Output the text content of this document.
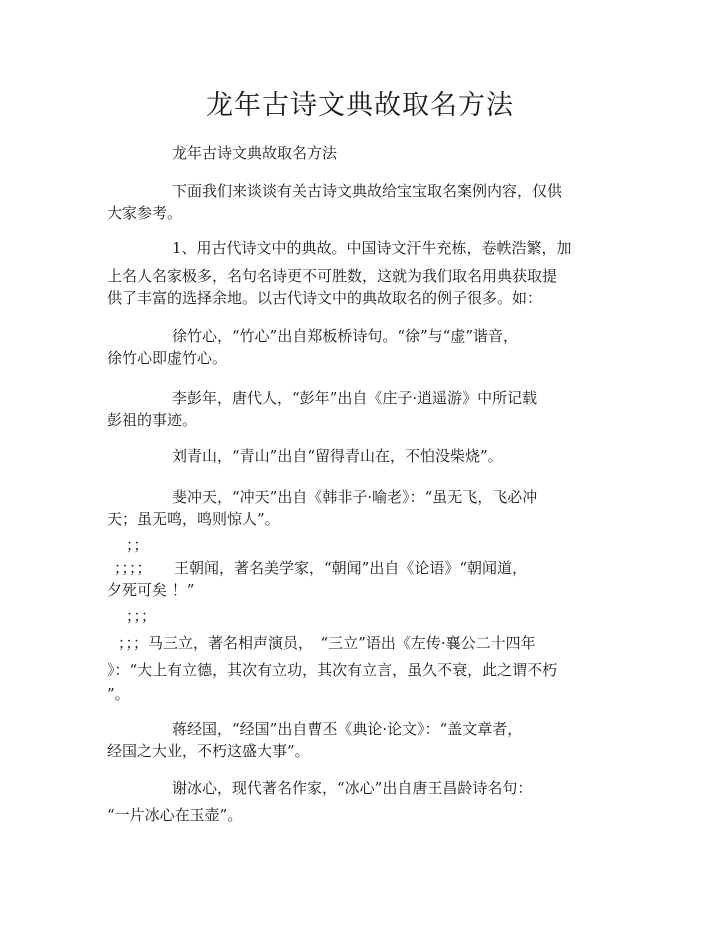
龙年古诗文典故取名方法
龙年古诗文典故取名方法
下面我们来谈谈有关古诗文典故给宝宝取名案例内容，仅供
大家参考。
1、用古代诗文中的典故。中国诗文汗牛充栋，卷帙浩繁，加
上名人名家极多，名句名诗更不可胜数，这就为我们取名用典获取提
供了丰富的选择余地。以古代诗文中的典故取名的例子很多。如：
徐竹心，“竹心”出自郑板桥诗句。“徐”与“虚”谐音，
徐竹心即虚竹心。
李彭年，唐代人，“彭年”出自《庄子·逍遥游》中所记载
彭祖的事迹。
刘青山，“青山”出自“留得青山在，不怕没柴烧”。
斐冲天，“冲天”出自《韩非子·喻老》：“虽无飞，飞必冲
天；虽无鸣，鸣则惊人”。
；；
；；；；　　王朝闻，著名美学家，“朝闻”出自《论语》“朝闻道，
夕死可矣 ！”
；；；
；；；马三立，著名相声演员，　“三立”语出《左传·襄公二十四年
》：“大上有立德，其次有立功，其次有立言，虽久不衰，此之谓不朽
”。
蒋经国，“经国”出自曹丕《典论·论文》：“盖文章者，
经国之大业，不朽这盛大事”。
谢冰心，现代著名作家，“冰心”出自唐王昌龄诗名句：
“一片冰心在玉壶”。
